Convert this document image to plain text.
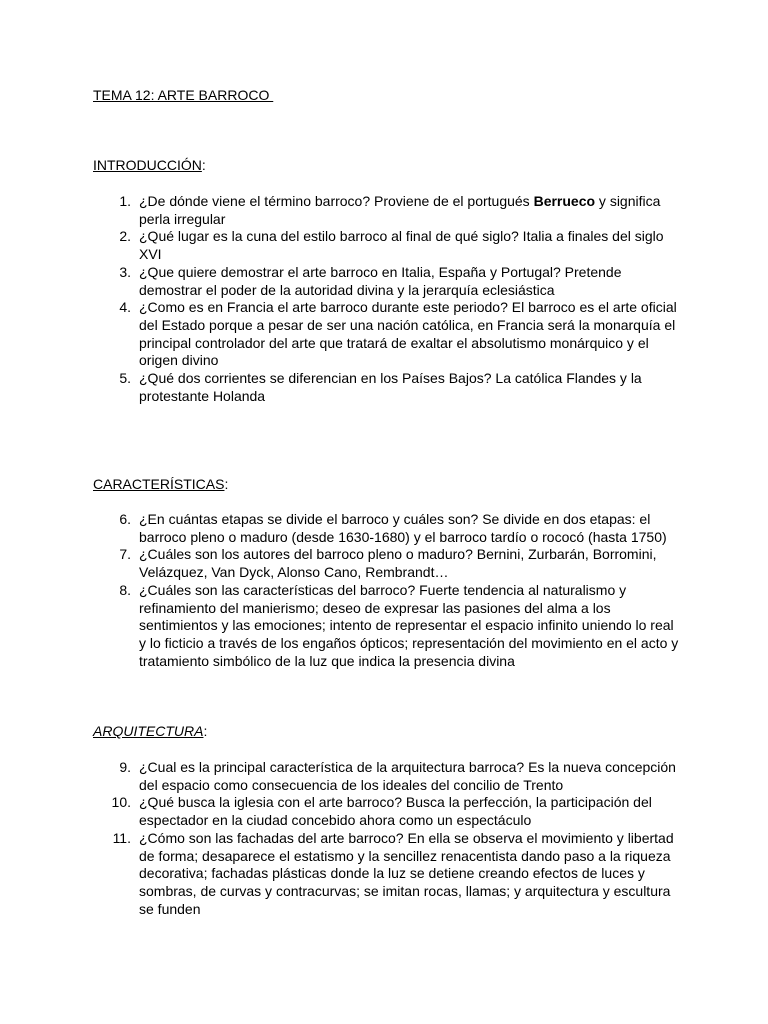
TEMA 12: ARTE BARROCO
INTRODUCCIÓN:
1. ¿De dónde viene el término barroco? Proviene de el portugués Berrueco y significa perla irregular
2. ¿Qué lugar es la cuna del estilo barroco al final de qué siglo? Italia a finales del siglo XVI
3. ¿Que quiere demostrar el arte barroco en Italia, España y Portugal? Pretende demostrar el poder de la autoridad divina y la jerarquía eclesiástica
4. ¿Como es en Francia el arte barroco durante este periodo? El barroco es el arte oficial del Estado porque a pesar de ser una nación católica, en Francia será la monarquía el principal controlador del arte que tratará de exaltar el absolutismo monárquico y el origen divino
5. ¿Qué dos corrientes se diferencian en los Países Bajos? La católica Flandes y la protestante Holanda
CARACTERÍSTICAS:
6. ¿En cuántas etapas se divide el barroco y cuáles son? Se divide en dos etapas: el barroco pleno o maduro (desde 1630-1680) y el barroco tardío o rococó (hasta 1750)
7. ¿Cuáles son los autores del barroco pleno o maduro? Bernini, Zurbarán, Borromini, Velázquez, Van Dyck, Alonso Cano, Rembrandt…
8. ¿Cuáles son las características del barroco? Fuerte tendencia al naturalismo y refinamiento del manierismo; deseo de expresar las pasiones del alma a los sentimientos y las emociones; intento de representar el espacio infinito uniendo lo real y lo ficticio a través de los engaños ópticos; representación del movimiento en el acto y tratamiento simbólico de la luz que indica la presencia divina
ARQUITECTURA:
9. ¿Cual es la principal característica de la arquitectura barroca? Es la nueva concepción del espacio como consecuencia de los ideales del concilio de Trento
10. ¿Qué busca la iglesia con el arte barroco? Busca la perfección, la participación del espectador en la ciudad concebido ahora como un espectáculo
11. ¿Cómo son las fachadas del arte barroco? En ella se observa el movimiento y libertad de forma; desaparece el estatismo y la sencillez renacentista dando paso a la riqueza decorativa; fachadas plásticas donde la luz se detiene creando efectos de luces y sombras, de curvas y contracurvas; se imitan rocas, llamas; y arquitectura y escultura se funden
